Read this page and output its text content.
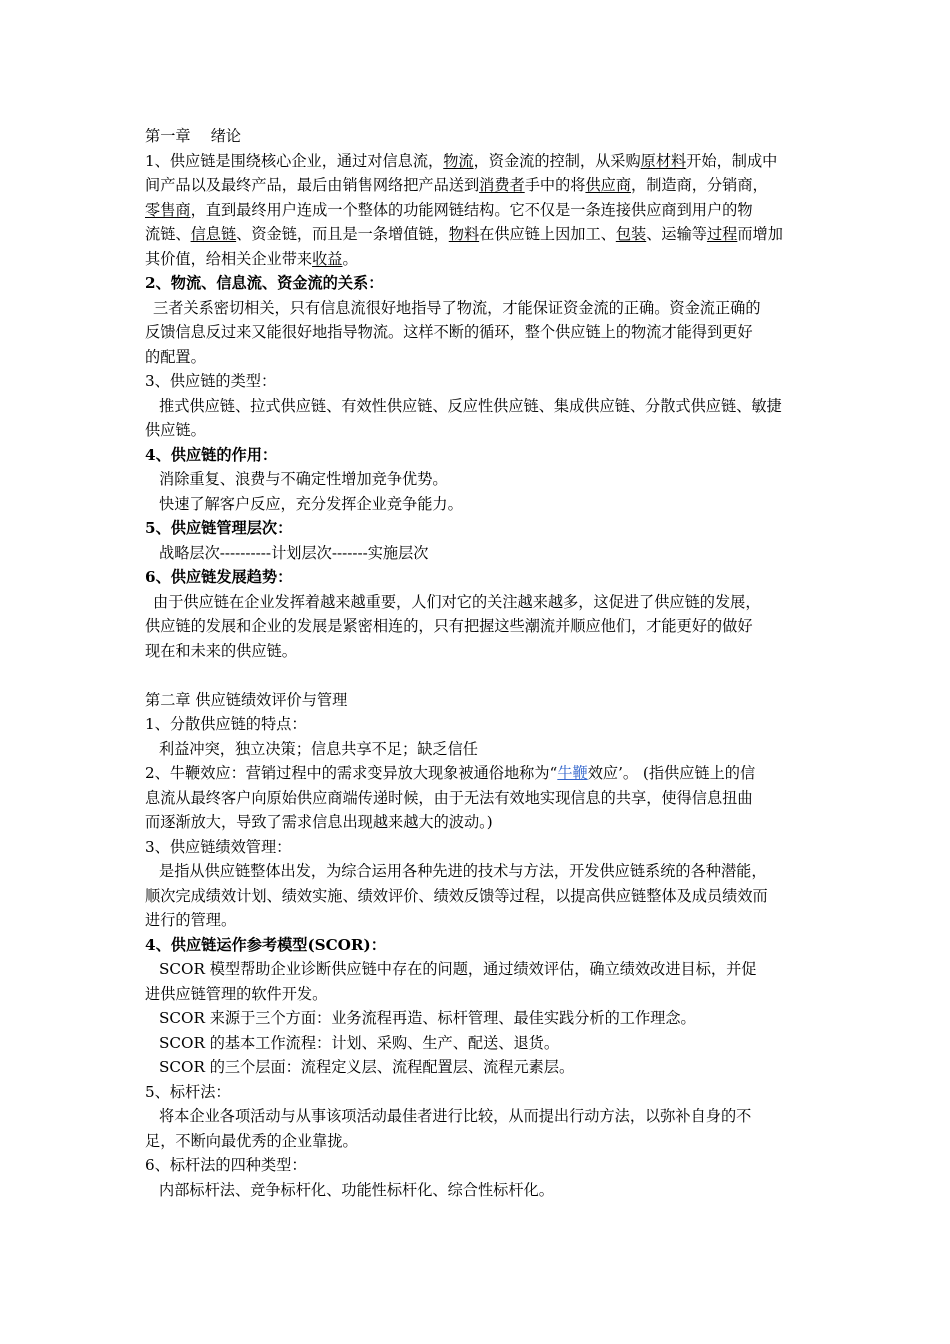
第一章　 绪论
1、供应链是围绕核心企业，通过对信息流，物流，资金流的控制，从采购原材料开始，制成中
间产品以及最终产品，最后由销售网络把产品送到消费者手中的将供应商，制造商，分销商，
零售商，直到最终用户连成一个整体的功能网链结构。它不仅是一条连接供应商到用户的物
流链、信息链、资金链，而且是一条增值链，物料在供应链上因加工、包装、运输等过程而增加
其价值，给相关企业带来收益。
2、物流、信息流、资金流的关系：
三者关系密切相关，只有信息流很好地指导了物流，才能保证资金流的正确。资金流正确的
反馈信息反过来又能很好地指导物流。这样不断的循环，整个供应链上的物流才能得到更好
的配置。
3、供应链的类型：
推式供应链、拉式供应链、有效性供应链、反应性供应链、集成供应链、分散式供应链、敏捷
供应链。
4、供应链的作用：
消除重复、浪费与不确定性增加竞争优势。
快速了解客户反应，充分发挥企业竞争能力。
5、供应链管理层次：
战略层次----------计划层次-------实施层次
6、供应链发展趋势：
由于供应链在企业发挥着越来越重要，人们对它的关注越来越多，这促进了供应链的发展，
供应链的发展和企业的发展是紧密相连的，只有把握这些潮流并顺应他们，才能更好的做好
现在和未来的供应链。
第二章 供应链绩效评价与管理
1、分散供应链的特点：
利益冲突，独立决策；信息共享不足；缺乏信任
2、牛鞭效应：营销过程中的需求变异放大现象被通俗地称为“牛鞭效应’。 (指供应链上的信
息流从最终客户向原始供应商端传递时候，由于无法有效地实现信息的共享，使得信息扭曲
而逐渐放大，导致了需求信息出现越来越大的波动。)
3、供应链绩效管理：
是指从供应链整体出发，为综合运用各种先进的技术与方法，开发供应链系统的各种潜能，
顺次完成绩效计划、绩效实施、绩效评价、绩效反馈等过程，以提高供应链整体及成员绩效而
进行的管理。
4、供应链运作参考模型(SCOR)：
SCOR 模型帮助企业诊断供应链中存在的问题，通过绩效评估，确立绩效改进目标，并促
进供应链管理的软件开发。
SCOR 来源于三个方面：业务流程再造、标杆管理、最佳实践分析的工作理念。
SCOR 的基本工作流程：计划、采购、生产、配送、退货。
SCOR 的三个层面：流程定义层、流程配置层、流程元素层。
5、标杆法：
将本企业各项活动与从事该项活动最佳者进行比较，从而提出行动方法，以弥补自身的不
足，不断向最优秀的企业靠拢。
6、标杆法的四种类型：
内部标杆法、竞争标杆化、功能性标杆化、综合性标杆化。
